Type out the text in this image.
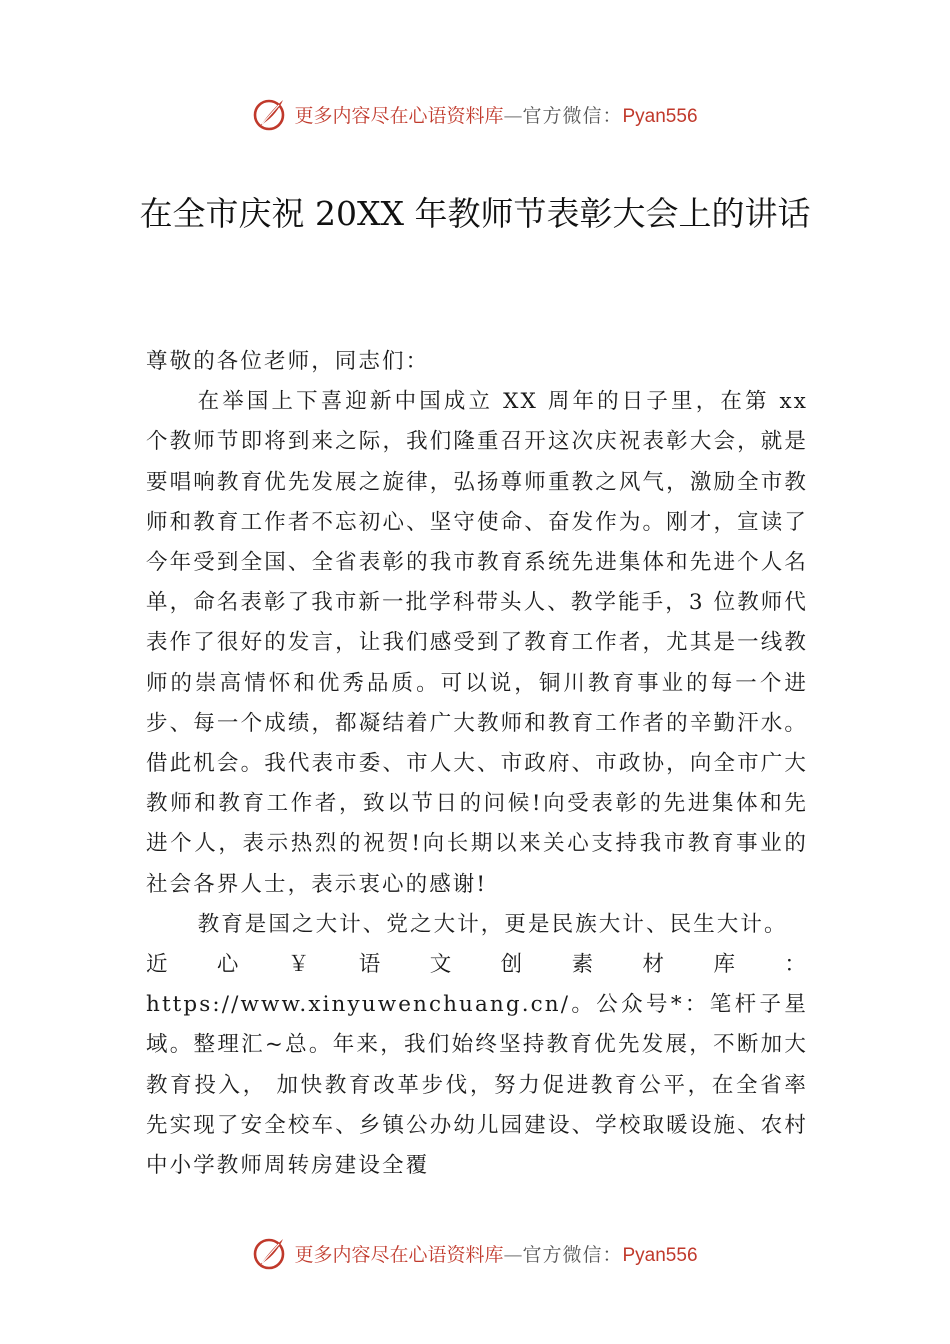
更多内容尽在心语资料库—官方微信：Pyan556
在全市庆祝 20XX 年教师节表彰大会上的讲话

尊敬的各位老师，同志们：

在举国上下喜迎新中国成立 XX 周年的日子里，在第 xx 个教师节即将到来之际，我们隆重召开这次庆祝表彰大会，就是要唱响教育优先发展之旋律，弘扬尊师重教之风气，激励全市教师和教育工作者不忘初心、坚守使命、奋发作为。刚才，宣读了今年受到全国、全省表彰的我市教育系统先进集体和先进个人名单，命名表彰了我市新一批学科带头人、教学能手，3 位教师代表作了很好的发言，让我们感受到了教育工作者，尤其是一线教师的崇高情怀和优秀品质。可以说，铜川教育事业的每一个进步、每一个成绩，都凝结着广大教师和教育工作者的辛勤汗水。借此机会。我代表市委、市人大、市政府、市政协，向全市广大教师和教育工作者，致以节日的问候!向受表彰的先进集体和先进个人，表示热烈的祝贺!向长期以来关心支持我市教育事业的社会各界人士，表示衷心的感谢!

教育是国之大计、党之大计，更是民族大计、民生大计。

近心￥语文创素材库：https://www.xinyuwenchuang.cn/。公众号*：笔杆子星域。整理汇~总。年来，我们始终坚持教育优先发展，不断加大教育投入， 加快教育改革步伐，努力促进教育公平，在全省率先实现了安全校车、乡镇公办幼儿园建设、学校取暖设施、农村中小学教师周转房建设全覆

更多内容尽在心语资料库—官方微信：Pyan556
